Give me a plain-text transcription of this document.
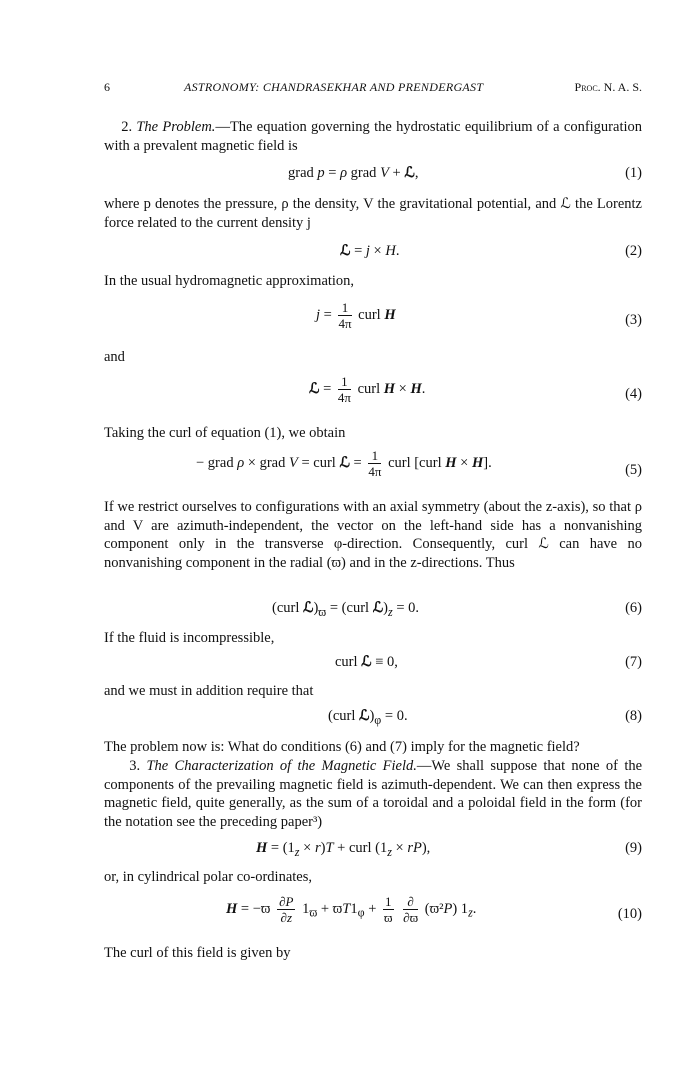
6	ASTRONOMY: CHANDRASEKHAR AND PRENDERGAST	Proc. N. A. S.
2. The Problem.—The equation governing the hydrostatic equilibrium of a configuration with a prevalent magnetic field is
grad p = ρ grad V + ℒ,	(1)
where p denotes the pressure, ρ the density, V the gravitational potential, and ℒ the Lorentz force related to the current density j
ℒ = j × H.	(2)
In the usual hydromagnetic approximation,
$j = \frac{1}{4\pi}$ curl H	(3)
and
ℒ = $\frac{1}{4\pi}$ curl H × H.	(4)
Taking the curl of equation (1), we obtain
− grad ρ × grad V = curl ℒ = $\frac{1}{4\pi}$ curl [curl H × H].	(5)
If we restrict ourselves to configurations with an axial symmetry (about the z-axis), so that ρ and V are azimuth-independent, the vector on the left-hand side has a nonvanishing component only in the transverse φ-direction. Consequently, curl ℒ can have no nonvanishing component in the radial (ϖ) and in the z-directions. Thus
(curl $ℒ)_ϖ$ = (curl $ℒ)_z = 0$.	(6)
If the fluid is incompressible,
curl ℒ ≡ 0,	(7)
and we must in addition require that
(curl $ℒ)_\varphi = 0$.	(8)
The problem now is: What do conditions (6) and (7) imply for the magnetic field?
3. The Characterization of the Magnetic Field.—We shall suppose that none of the components of the prevailing magnetic field is azimuth-dependent. We can then express the magnetic field, quite generally, as the sum of a toroidal and a poloidal field in the form (for the notation see the preceding paper³)
$H = (1_z \times r)T$ + curl $(1_z \times rP)$,	(9)
or, in cylindrical polar co-ordinates,
$H = -ϖ \frac{\partial P}{\partial z} 1_ϖ + ϖT1_\varphi + \frac{1}{ϖ}$
$\frac{\partial}{\partial ϖ} (ϖ^2P)$ $1_z$.	(10)
The curl of this field is given by
